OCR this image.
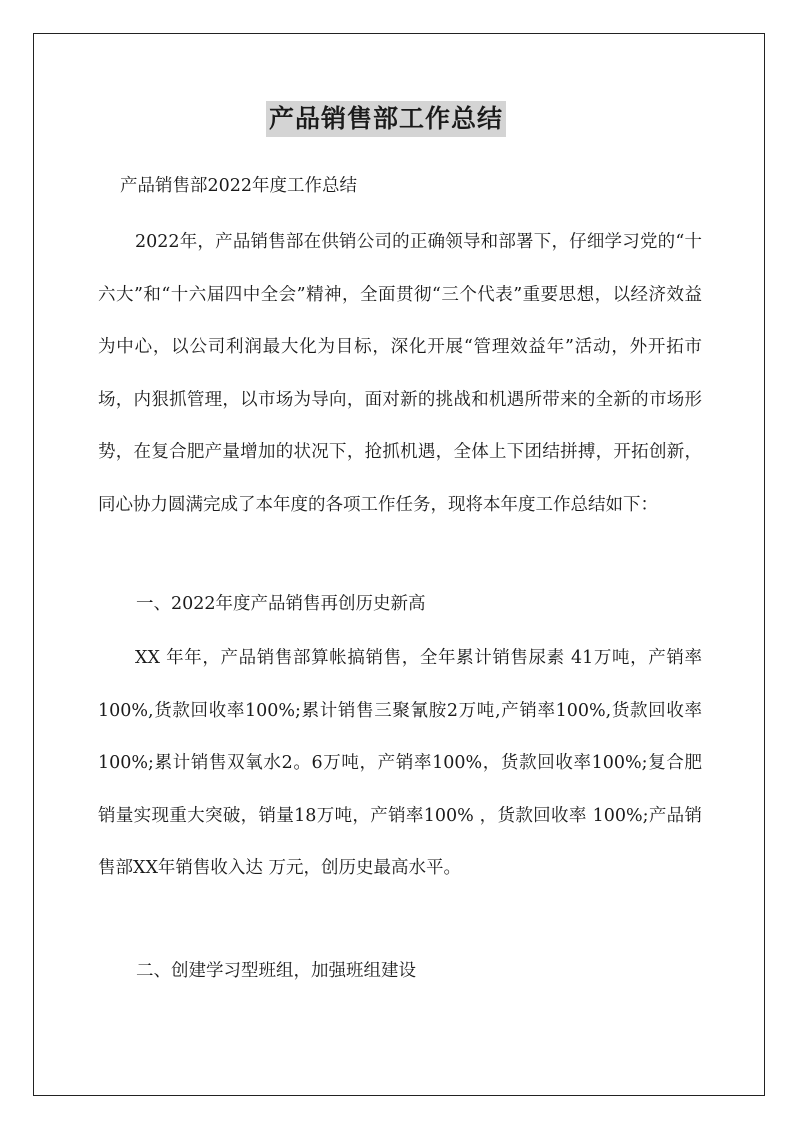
产品销售部工作总结
产品销售部2022年度工作总结

2022年，产品销售部在供销公司的正确领导和部署下，仔细学习党的“十六大”和“十六届四中全会”精神，全面贯彻“三个代表”重要思想，以经济效益为中心，以公司利润最大化为目标，深化开展“管理效益年”活动，外开拓市场，内狠抓管理，以市场为导向，面对新的挑战和机遇所带来的全新的市场形势，在复合肥产量增加的状况下，抢抓机遇，全体上下团结拼搏，开拓创新，同心协力圆满完成了本年度的各项工作任务，现将本年度工作总结如下：

一、2022年度产品销售再创历史新高

XX 年年，产品销售部算帐搞销售，全年累计销售尿素 41万吨，产销率100%,货款回收率100%;累计销售三聚氰胺2万吨,产销率100%,货款回收率 100%;累计销售双氧水2。6万吨，产销率100%，货款回收率100%;复合肥销量实现重大突破，销量18万吨，产销率100% ，货款回收率 100%;产品销售部XX年销售收入达 万元，创历史最高水平。

二、创建学习型班组，加强班组建设
